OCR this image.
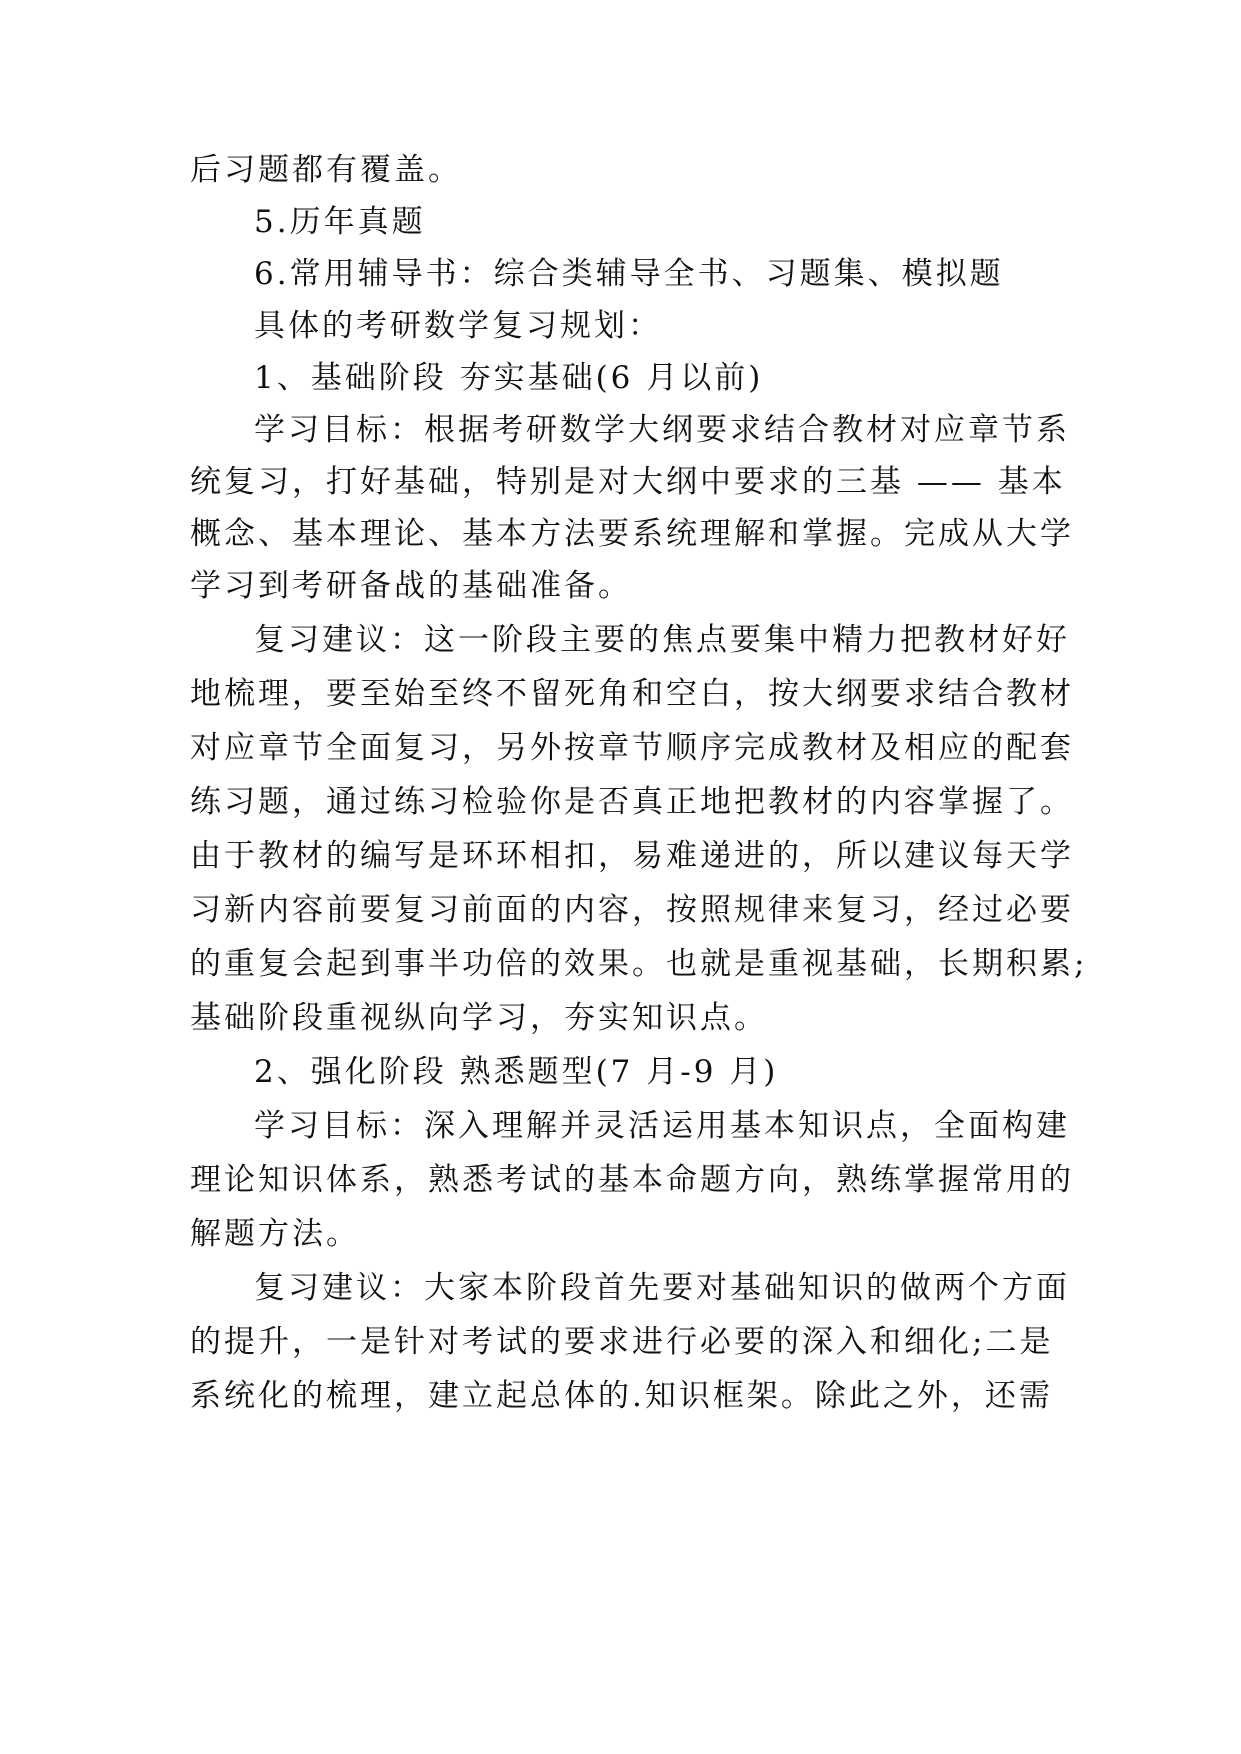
后习题都有覆盖。
5.历年真题
6.常用辅导书：综合类辅导全书、习题集、模拟题
具体的考研数学复习规划：
1、基础阶段 夯实基础(6 月以前)
学习目标：根据考研数学大纲要求结合教材对应章节系
统复习，打好基础，特别是对大纲中要求的三基 —— 基本
概念、基本理论、基本方法要系统理解和掌握。完成从大学
学习到考研备战的基础准备。
复习建议：这一阶段主要的焦点要集中精力把教材好好
地梳理，要至始至终不留死角和空白，按大纲要求结合教材
对应章节全面复习，另外按章节顺序完成教材及相应的配套
练习题，通过练习检验你是否真正地把教材的内容掌握了。
由于教材的编写是环环相扣，易难递进的，所以建议每天学
习新内容前要复习前面的内容，按照规律来复习，经过必要
的重复会起到事半功倍的效果。也就是重视基础，长期积累;
基础阶段重视纵向学习，夯实知识点。
2、强化阶段 熟悉题型(7 月-9 月)
学习目标：深入理解并灵活运用基本知识点，全面构建
理论知识体系，熟悉考试的基本命题方向，熟练掌握常用的
解题方法。
复习建议：大家本阶段首先要对基础知识的做两个方面
的提升，一是针对考试的要求进行必要的深入和细化;二是
系统化的梳理，建立起总体的.知识框架。除此之外，还需
